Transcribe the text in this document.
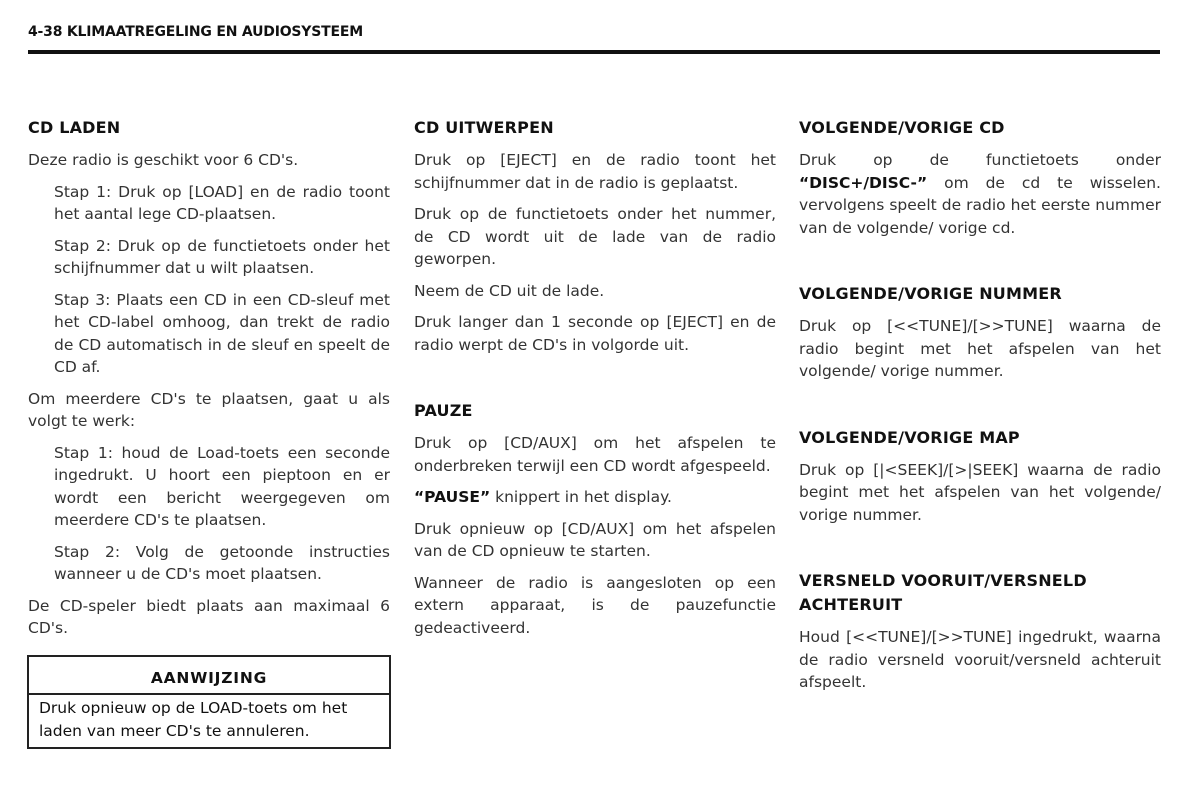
4-38 KLIMAATREGELING EN AUDIOSYSTEEM
CD LADEN

Deze radio is geschikt voor 6 CD's.

Stap 1: Druk op [LOAD] en de radio toont het aantal lege CD-plaatsen.

Stap 2: Druk op de functietoets onder het schijfnummer dat u wilt plaatsen.

Stap 3: Plaats een CD in een CD-sleuf met het CD-label omhoog, dan trekt de radio de CD automatisch in de sleuf en speelt de CD af.

Om meerdere CD's te plaatsen, gaat u als volgt te werk:

Stap 1: houd de Load-toets een seconde ingedrukt. U hoort een pieptoon en er wordt een bericht weergegeven om meerdere CD's te plaatsen.

Stap 2: Volg de getoonde instructies wanneer u de CD's moet plaatsen.

De CD-speler biedt plaats aan maximaal 6 CD's.

AANWIJZING
Druk opnieuw op de LOAD-toets om het laden van meer CD's te annuleren.
CD UITWERPEN

Druk op [EJECT] en de radio toont het schijfnummer dat in de radio is geplaatst.

Druk op de functietoets onder het nummer, de CD wordt uit de lade van de radio geworpen.

Neem de CD uit de lade.

Druk langer dan 1 seconde op [EJECT] en de radio werpt de CD's in volgorde uit.

PAUZE

Druk op [CD/AUX] om het afspelen te onderbreken terwijl een CD wordt afgespeeld.

“PAUSE” knippert in het display.

Druk opnieuw op [CD/AUX] om het afspelen van de CD opnieuw te starten.

Wanneer de radio is aangesloten op een extern apparaat, is de pauzefunctie gedeactiveerd.

VOLGENDE/VORIGE CD

Druk op de functietoets onder “DISC+/DISC-” om de cd te wisselen. vervolgens speelt de radio het eerste nummer van de volgende/ vorige cd.

VOLGENDE/VORIGE NUMMER

Druk op [<<TUNE]/[>>TUNE] waarna de radio begint met het afspelen van het volgende/ vorige nummer.

VOLGENDE/VORIGE MAP

Druk op [|<SEEK]/[>|SEEK] waarna de radio begint met het afspelen van het volgende/ vorige nummer.

VERSNELD VOORUIT/VERSNELD ACHTERUIT

Houd [<<TUNE]/[>>TUNE] ingedrukt, waarna de radio versneld vooruit/versneld achteruit afspeelt.
